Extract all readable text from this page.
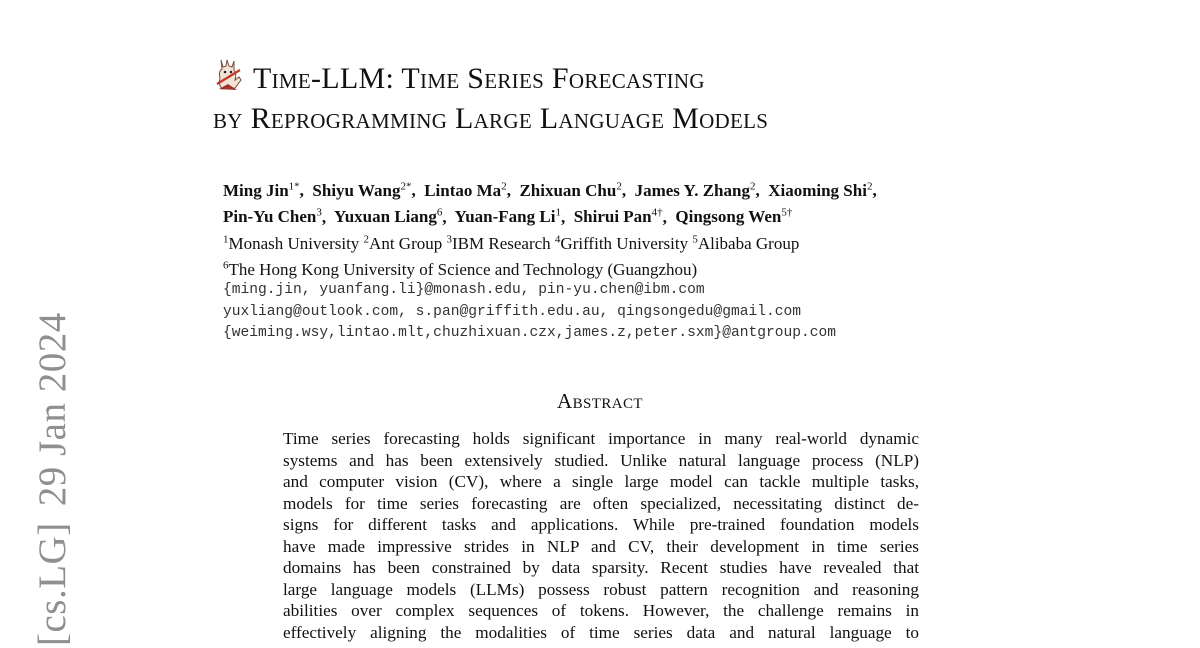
[cs.LG]29 Jan 2024
Time-LLM: Time Series Forecasting
by Reprogramming Large Language Models
Ming Jin$^{1*}$,  Shiyu Wang$^{2*}$,  Lintao Ma$^2$,  Zhixuan Chu$^2$,  James Y. Zhang$^2$,  Xiaoming Shi$^2$,
Pin-Yu Chen$^3$,  Yuxuan Liang$^6$,  Yuan-Fang Li$^1$,  Shirui Pan$^{4\dagger}$,  Qingsong Wen$^{5\dagger}$
$^1$Monash University $^2$Ant Group $^3$IBM Research $^4$Griffith University $^5$Alibaba Group
$^6$The Hong Kong University of Science and Technology (Guangzhou)
{ming.jin, yuanfang.li}@monash.edu, pin-yu.chen@ibm.com
yuxliang@outlook.com, s.pan@griffith.edu.au, qingsongedu@gmail.com
{weiming.wsy,lintao.mlt,chuzhixuan.czx,james.z,peter.sxm}@antgroup.com
Abstract
Time series forecasting holds significant importance in many real-world dynamic
systems and has been extensively studied. Unlike natural language process (NLP)
and computer vision (CV), where a single large model can tackle multiple tasks,
models for time series forecasting are often specialized, necessitating distinct de-
signs for different tasks and applications. While pre-trained foundation models
have made impressive strides in NLP and CV, their development in time series
domains has been constrained by data sparsity. Recent studies have revealed that
large language models (LLMs) possess robust pattern recognition and reasoning
abilities over complex sequences of tokens. However, the challenge remains in
effectively aligning the modalities of time series data and natural language to
